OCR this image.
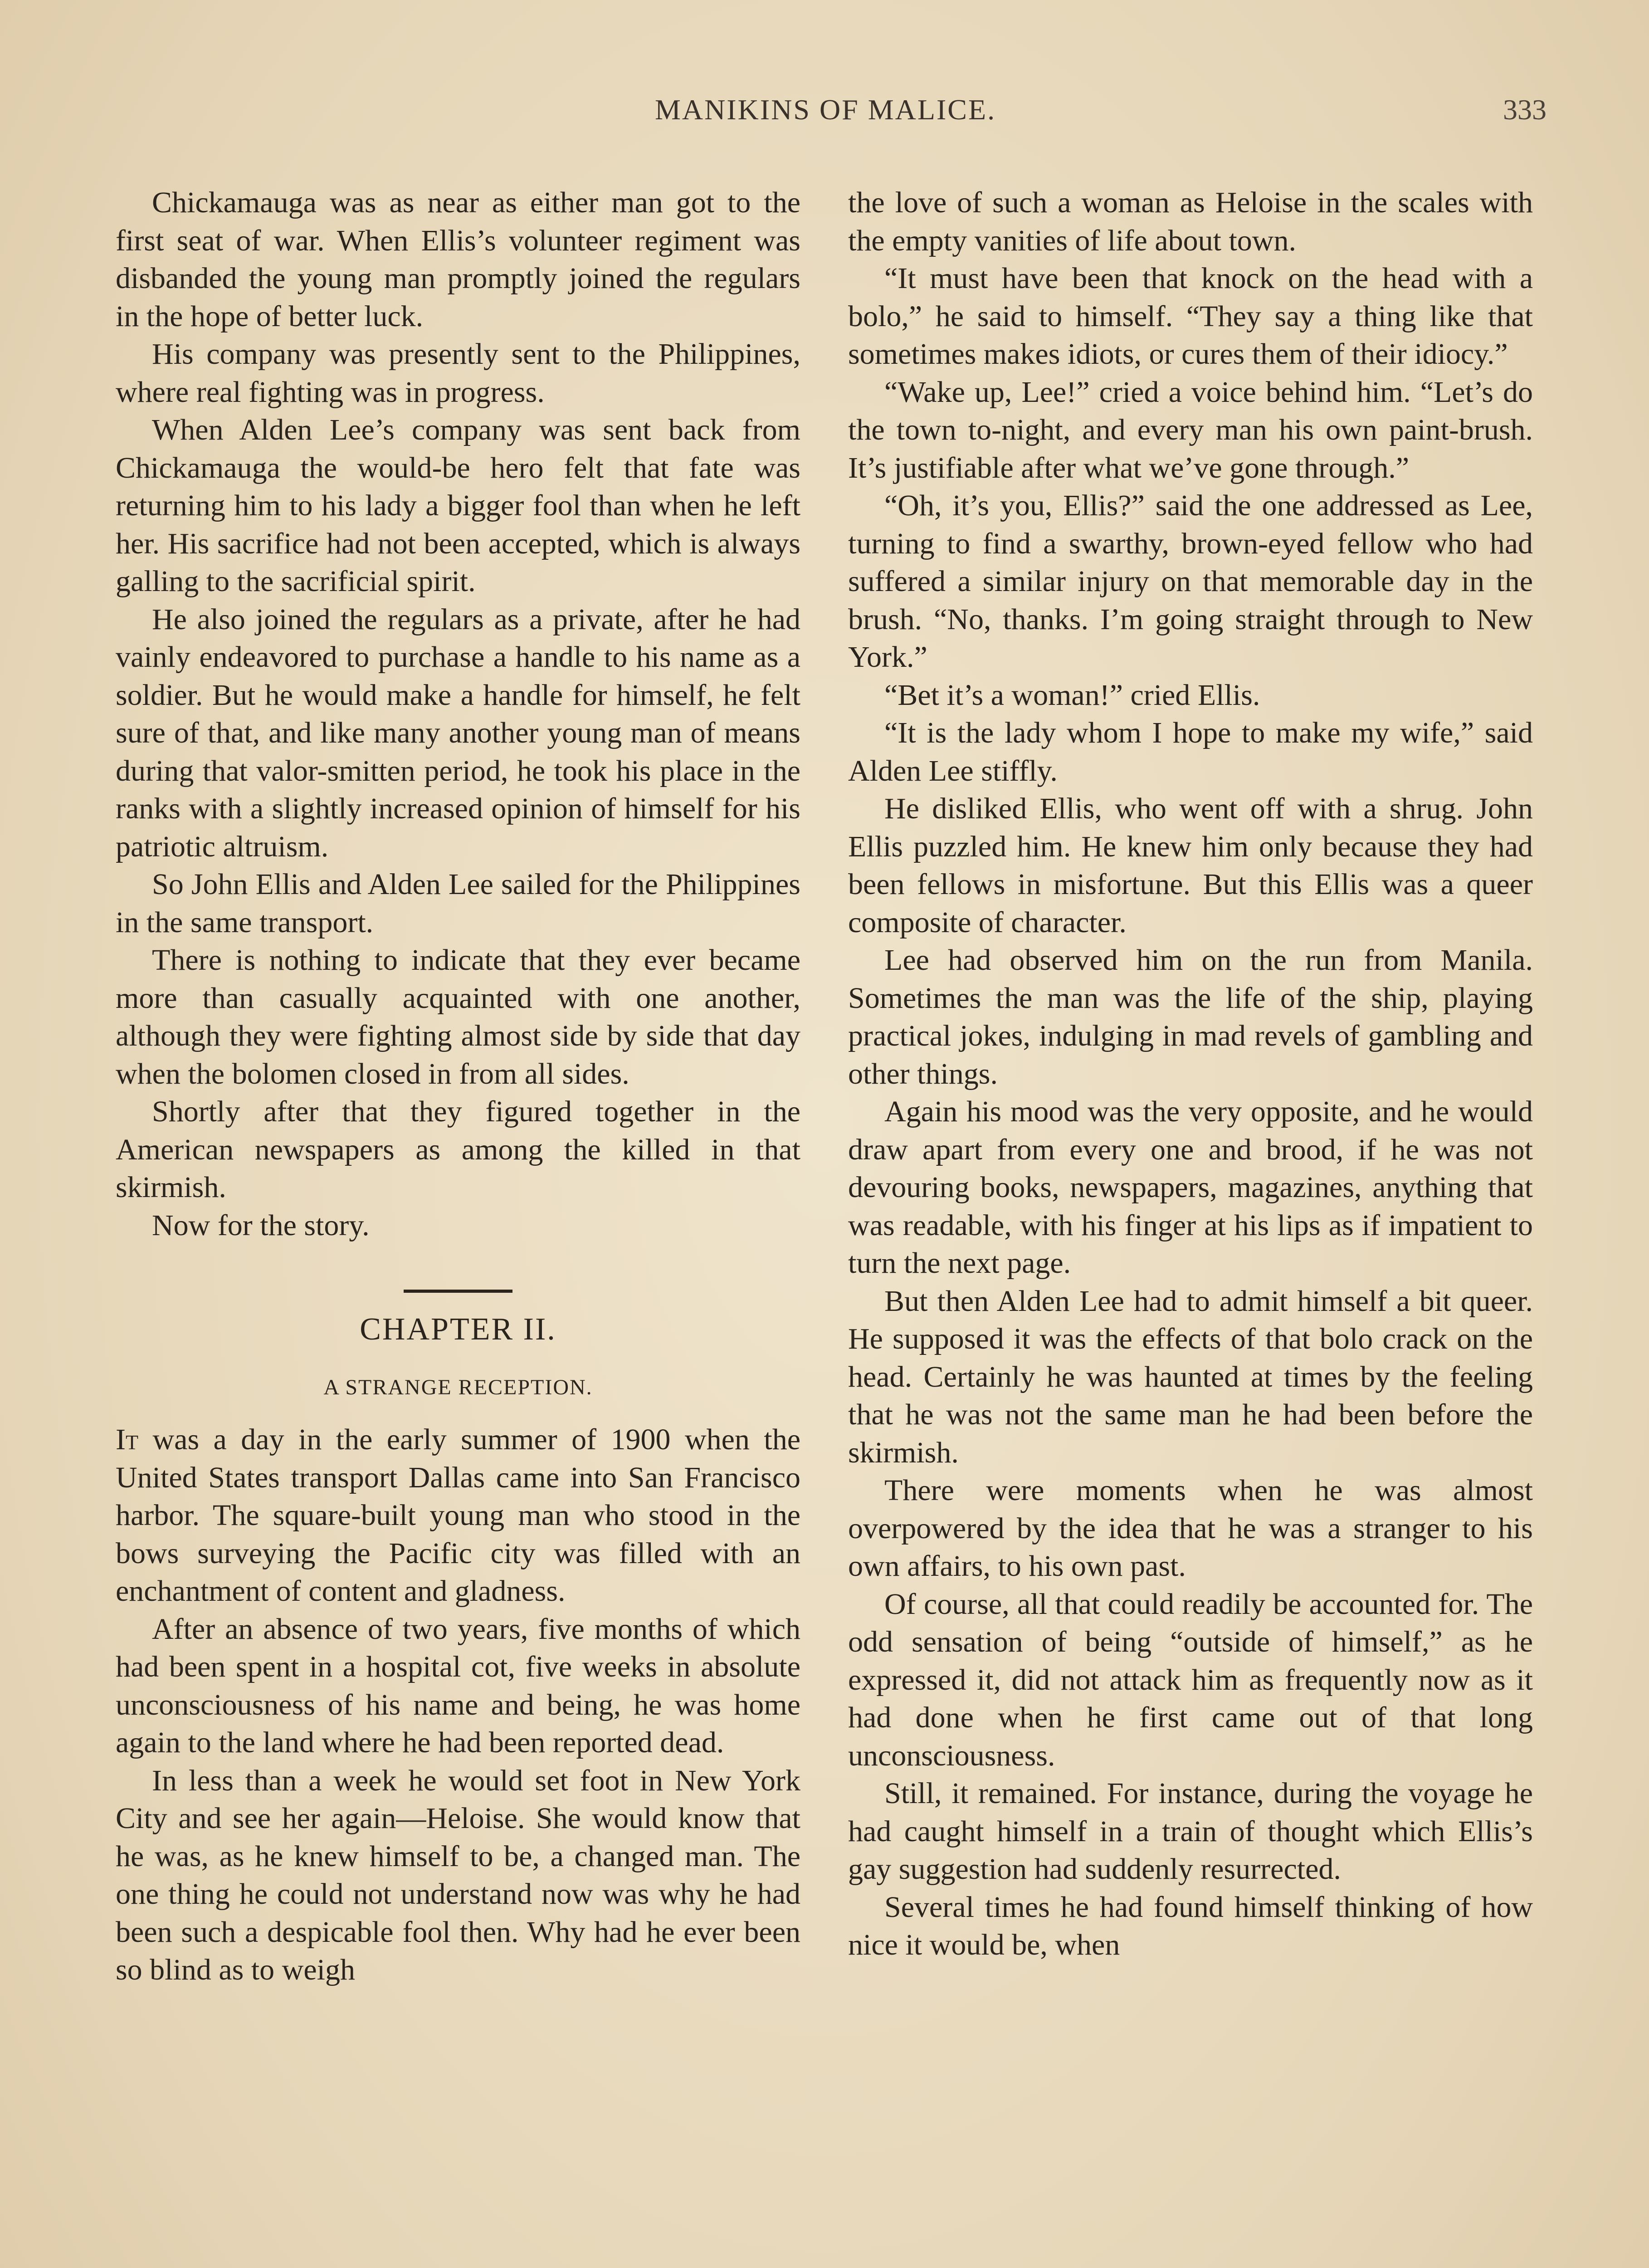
MANIKINS OF MALICE.	333

Chickamauga was as near as either man got to the first seat of war. When Ellis’s volunteer regiment was disbanded the young man promptly joined the regulars in the hope of better luck.

His company was presently sent to the Philippines, where real fighting was in progress.

When Alden Lee’s company was sent back from Chickamauga the would-be hero felt that fate was returning him to his lady a bigger fool than when he left her. His sacrifice had not been accepted, which is always galling to the sacrificial spirit.

He also joined the regulars as a private, after he had vainly endeavored to purchase a handle to his name as a soldier. But he would make a handle for himself, he felt sure of that, and like many another young man of means during that valor-smitten period, he took his place in the ranks with a slightly increased opinion of himself for his patriotic altruism.

So John Ellis and Alden Lee sailed for the Philippines in the same transport.

There is nothing to indicate that they ever became more than casually acquainted with one another, although they were fighting almost side by side that day when the bolomen closed in from all sides.

Shortly after that they figured together in the American newspapers as among the killed in that skirmish.

Now for the story.

CHAPTER II.
A STRANGE RECEPTION.

It was a day in the early summer of 1900 when the United States transport Dallas came into San Francisco harbor. The square-built young man who stood in the bows surveying the Pacific city was filled with an enchantment of content and gladness.

After an absence of two years, five months of which had been spent in a hospital cot, five weeks in absolute unconsciousness of his name and being, he was home again to the land where he had been reported dead.

In less than a week he would set foot in New York City and see her again—Heloise. She would know that he was, as he knew himself to be, a changed man. The one thing he could not understand now was why he had been such a despicable fool then. Why had he ever been so blind as to weigh

the love of such a woman as Heloise in the scales with the empty vanities of life about town.

“It must have been that knock on the head with a bolo,” he said to himself. “They say a thing like that sometimes makes idiots, or cures them of their idiocy.”

“Wake up, Lee!” cried a voice behind him. “Let’s do the town to-night, and every man his own paint-brush. It’s justifiable after what we’ve gone through.”

“Oh, it’s you, Ellis?” said the one addressed as Lee, turning to find a swarthy, brown-eyed fellow who had suffered a similar injury on that memorable day in the brush. “No, thanks. I’m going straight through to New York.”

“Bet it’s a woman!” cried Ellis.

“It is the lady whom I hope to make my wife,” said Alden Lee stiffly.

He disliked Ellis, who went off with a shrug. John Ellis puzzled him. He knew him only because they had been fellows in misfortune. But this Ellis was a queer composite of character.

Lee had observed him on the run from Manila. Sometimes the man was the life of the ship, playing practical jokes, indulging in mad revels of gambling and other things.

Again his mood was the very opposite, and he would draw apart from every one and brood, if he was not devouring books, newspapers, magazines, anything that was readable, with his finger at his lips as if impatient to turn the next page.

But then Alden Lee had to admit himself a bit queer. He supposed it was the effects of that bolo crack on the head. Certainly he was haunted at times by the feeling that he was not the same man he had been before the skirmish.

There were moments when he was almost overpowered by the idea that he was a stranger to his own affairs, to his own past.

Of course, all that could readily be accounted for. The odd sensation of being “outside of himself,” as he expressed it, did not attack him as frequently now as it had done when he first came out of that long unconsciousness.

Still, it remained. For instance, during the voyage he had caught himself in a train of thought which Ellis’s gay suggestion had suddenly resurrected.

Several times he had found himself thinking of how nice it would be, when
